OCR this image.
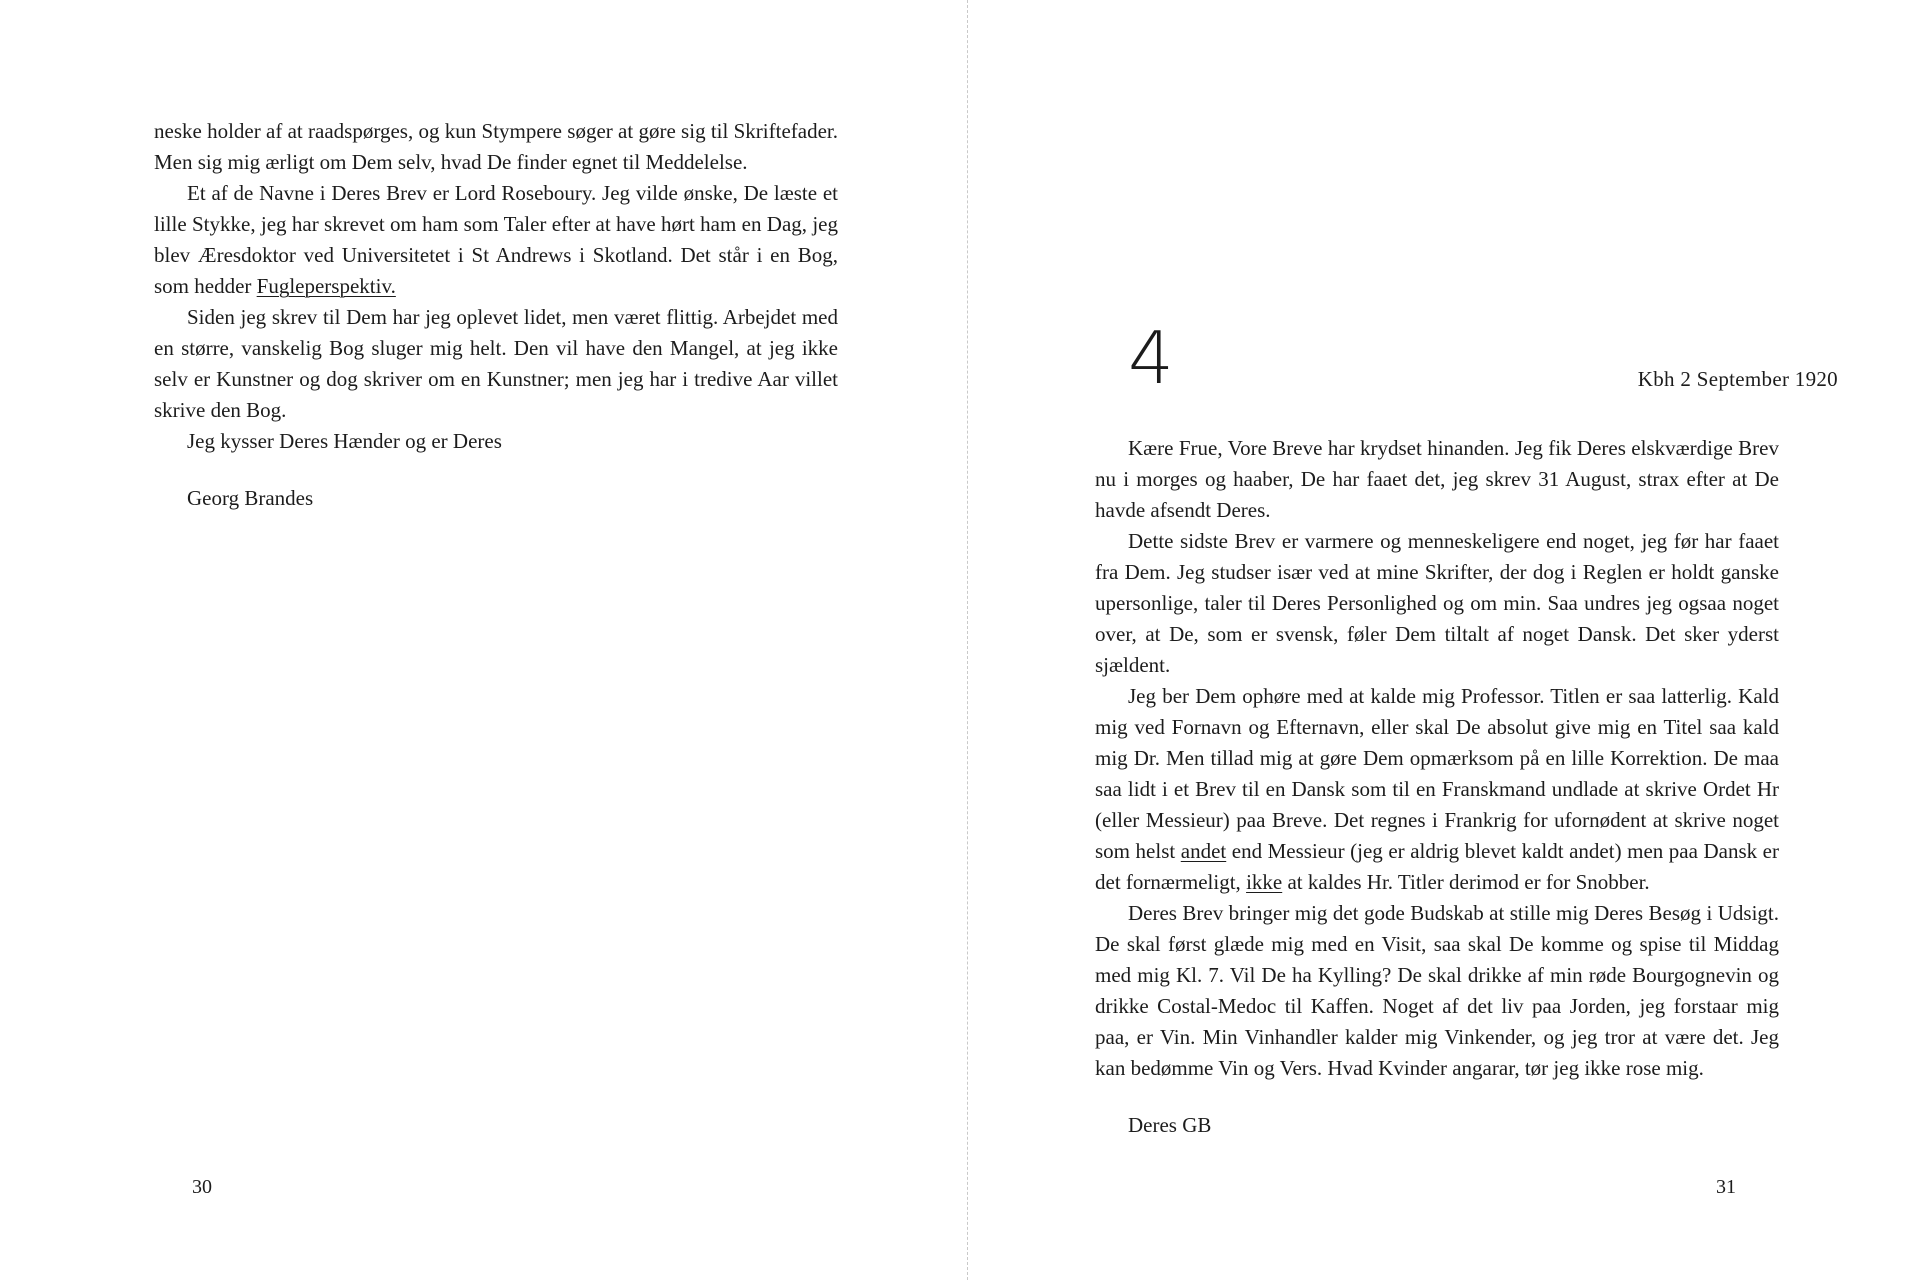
neske holder af at raadspørges, og kun Stympere søger at gøre sig til Skriftefader. Men sig mig ærligt om Dem selv, hvad De finder egnet til Meddelelse.

Et af de Navne i Deres Brev er Lord Roseboury. Jeg vilde ønske, De læste et lille Stykke, jeg har skrevet om ham som Taler efter at have hørt ham en Dag, jeg blev Æresdoktor ved Universitetet i St Andrews i Skotland. Det står i en Bog, som hedder Fugleperspektiv.

Siden jeg skrev til Dem har jeg oplevet lidet, men været flittig. Arbejdet med en større, vanskelig Bog sluger mig helt. Den vil have den Mangel, at jeg ikke selv er Kunstner og dog skriver om en Kunstner; men jeg har i tredive Aar villet skrive den Bog.

Jeg kysser Deres Hænder og er Deres

Georg Brandes

30
4	Kbh 2 September 1920

Kære Frue, Vore Breve har krydset hinanden. Jeg fik Deres elskværdige Brev nu i morges og haaber, De har faaet det, jeg skrev 31 August, strax efter at De havde afsendt Deres.

Dette sidste Brev er varmere og menneskeligere end noget, jeg før har faaet fra Dem. Jeg studser især ved at mine Skrifter, der dog i Reglen er holdt ganske upersonlige, taler til Deres Personlighed og om min. Saa undres jeg ogsaa noget over, at De, som er svensk, føler Dem tiltalt af noget Dansk. Det sker yderst sjældent.

Jeg ber Dem ophøre med at kalde mig Professor. Titlen er saa latterlig. Kald mig ved Fornavn og Efternavn, eller skal De absolut give mig en Titel saa kald mig Dr. Men tillad mig at gøre Dem opmærksom på en lille Korrektion. De maa saa lidt i et Brev til en Dansk som til en Franskmand undlade at skrive Ordet Hr (eller Messieur) paa Breve. Det regnes i Frankrig for ufornødent at skrive noget som helst andet end Messieur (jeg er aldrig blevet kaldt andet) men paa Dansk er det fornærmeligt, ikke at kaldes Hr. Titler derimod er for Snobber.

Deres Brev bringer mig det gode Budskab at stille mig Deres Besøg i Udsigt. De skal først glæde mig med en Visit, saa skal De komme og spise til Middag med mig Kl. 7. Vil De ha Kylling? De skal drikke af min røde Bourgognevin og drikke Costal-Medoc til Kaffen. Noget af det liv paa Jorden, jeg forstaar mig paa, er Vin. Min Vinhandler kalder mig Vinkender, og jeg tror at være det. Jeg kan bedømme Vin og Vers. Hvad Kvinder angarar, tør jeg ikke rose mig.

Deres GB

31
